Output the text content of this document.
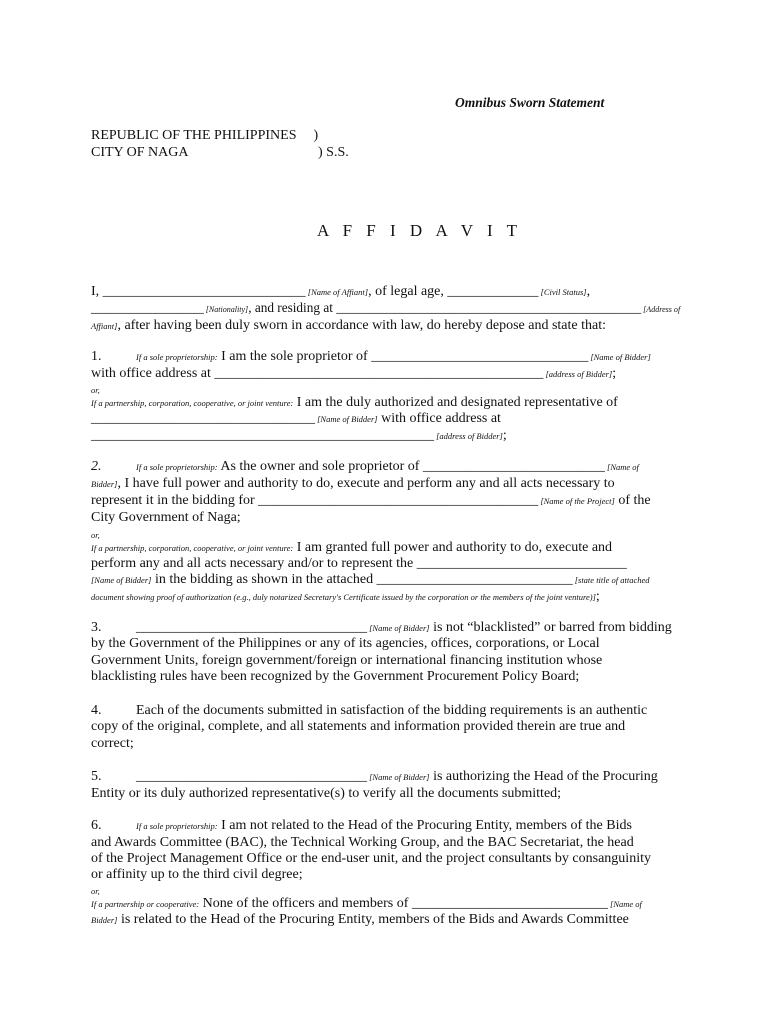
Omnibus Sworn Statement
REPUBLIC OF THE PHILIPPINES )
CITY OF NAGA	) S.S.
A F F I D A V I T
I, _____________________________ [Name of Affiant], of legal age, _____________ [Civil Status],
_________________ [Nationality], and residing at ______________________________________________ [Address of
Affiant], after having been duly sworn in accordance with law, do hereby depose and state that:
1.	If a sole proprietorship: I am the sole proprietor of _______________________________ [Name of Bidder]
with office address at _______________________________________________ [address of Bidder];
or,
If a partnership, corporation, cooperative, or joint venture: I am the duly authorized and designated representative of
________________________________ [Name of Bidder] with office address at
_________________________________________________ [address of Bidder];
2.	If a sole proprietorship: As the owner and sole proprietor of __________________________ [Name of
Bidder], I have full power and authority to do, execute and perform any and all acts necessary to
represent it in the bidding for ________________________________________ [Name of the Project] of the
City Government of Naga;
or,
If a partnership, corporation, cooperative, or joint venture: I am granted full power and authority to do, execute and
perform any and all acts necessary and/or to represent the ______________________________
[Name of Bidder] in the bidding as shown in the attached ____________________________ [state title of attached
document showing proof of authorization (e.g., duly notarized Secretary's Certificate issued by the corporation or the members of the joint venture)];
3. _________________________________ [Name of Bidder] is not “blacklisted” or barred from bidding
by the Government of the Philippines or any of its agencies, offices, corporations, or Local
Government Units, foreign government/foreign or international financing institution whose
blacklisting rules have been recognized by the Government Procurement Policy Board;
4. Each of the documents submitted in satisfaction of the bidding requirements is an authentic
copy of the original, complete, and all statements and information provided therein are true and
correct;
5. _________________________________ [Name of Bidder] is authorizing the Head of the Procuring
Entity or its duly authorized representative(s) to verify all the documents submitted;
6.	If a sole proprietorship: I am not related to the Head of the Procuring Entity, members of the Bids
and Awards Committee (BAC), the Technical Working Group, and the BAC Secretariat, the head
of the Project Management Office or the end-user unit, and the project consultants by consanguinity
or affinity up to the third civil degree;
or,
If a partnership or cooperative: None of the officers and members of ____________________________ [Name of
Bidder] is related to the Head of the Procuring Entity, members of the Bids and Awards Committee
